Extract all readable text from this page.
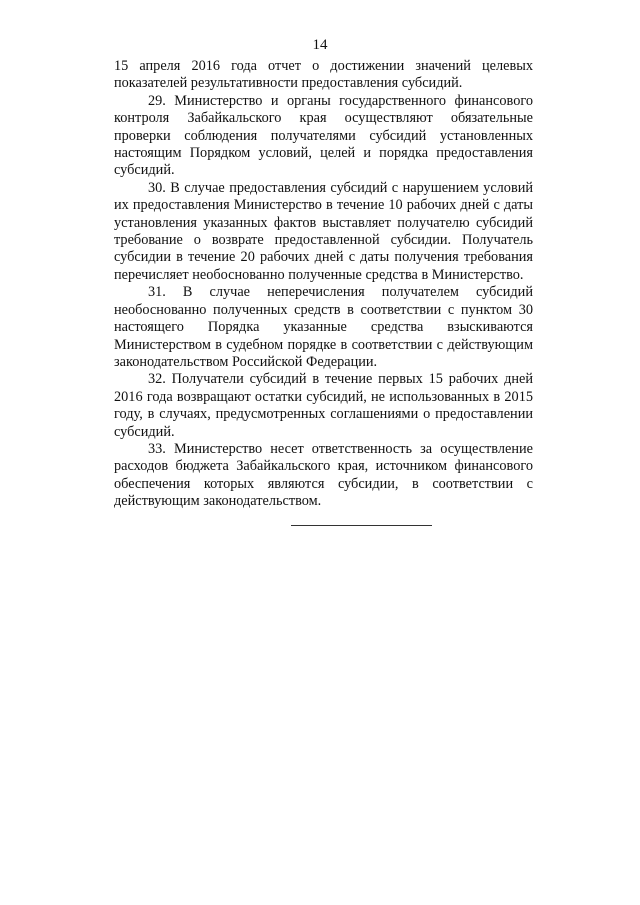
14

15 апреля 2016 года отчет о достижении значений целевых показателей результативности предоставления субсидий.

29. Министерство и органы государственного финансового контроля Забайкальского края осуществляют обязательные проверки соблюдения получателями субсидий установленных настоящим Порядком условий, целей и порядка предоставления субсидий.

30. В случае предоставления субсидий с нарушением условий их предоставления Министерство в течение 10 рабочих дней с даты установления указанных фактов выставляет получателю субсидий требование о возврате предоставленной субсидии. Получатель субсидии в течение 20 рабочих дней с даты получения требования перечисляет необоснованно полученные средства в Министерство.

31. В случае неперечисления получателем субсидий необоснованно полученных средств в соответствии с пунктом 30 настоящего Порядка указанные средства взыскиваются Министерством в судебном порядке в соответствии с действующим законодательством Российской Федерации.

32. Получатели субсидий в течение первых 15 рабочих дней 2016 года возвращают остатки субсидий, не использованных в 2015 году, в случаях, предусмотренных соглашениями о предоставлении субсидий.

33. Министерство несет ответственность за осуществление расходов бюджета Забайкальского края, источником финансового обеспечения которых являются субсидии, в соответствии с действующим законодательством.
